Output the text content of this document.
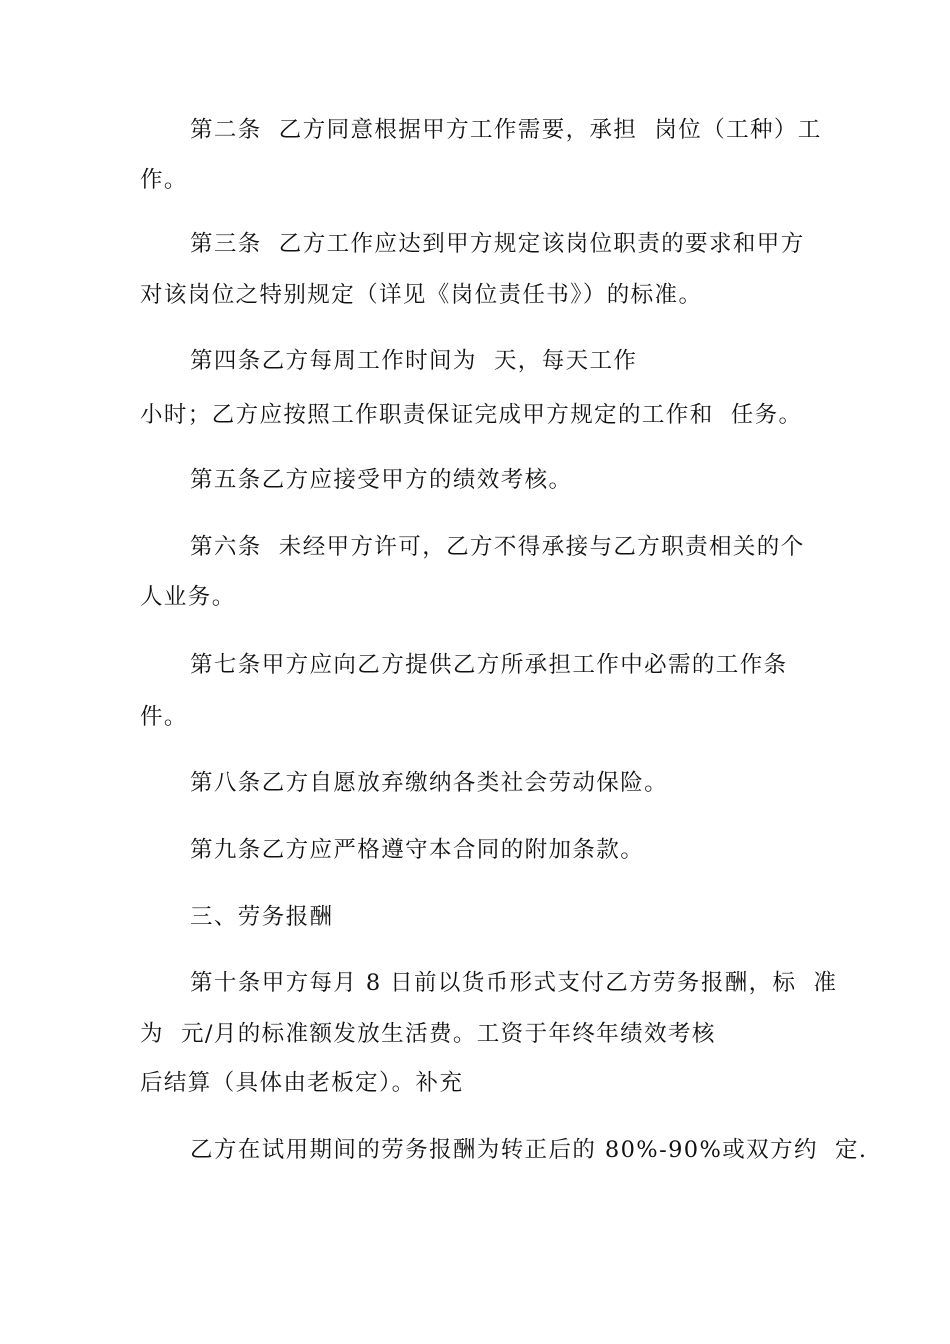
第二条  乙方同意根据甲方工作需要，承担  岗位（工种）工
作。
第三条  乙方工作应达到甲方规定该岗位职责的要求和甲方
对该岗位之特别规定（详见《岗位责任书》）的标准。
第四条乙方每周工作时间为  天，每天工作
小时；乙方应按照工作职责保证完成甲方规定的工作和  任务。
第五条乙方应接受甲方的绩效考核。
第六条  未经甲方许可，乙方不得承接与乙方职责相关的个
人业务。
第七条甲方应向乙方提供乙方所承担工作中必需的工作条
件。
第八条乙方自愿放弃缴纳各类社会劳动保险。
第九条乙方应严格遵守本合同的附加条款。
三、劳务报酬
第十条甲方每月 8 日前以货币形式支付乙方劳务报酬，标  准
为  元/月的标准额发放生活费。工资于年终年绩效考核
后结算（具体由老板定）。补充
乙方在试用期间的劳务报酬为转正后的 80%-90%或双方约  定.
